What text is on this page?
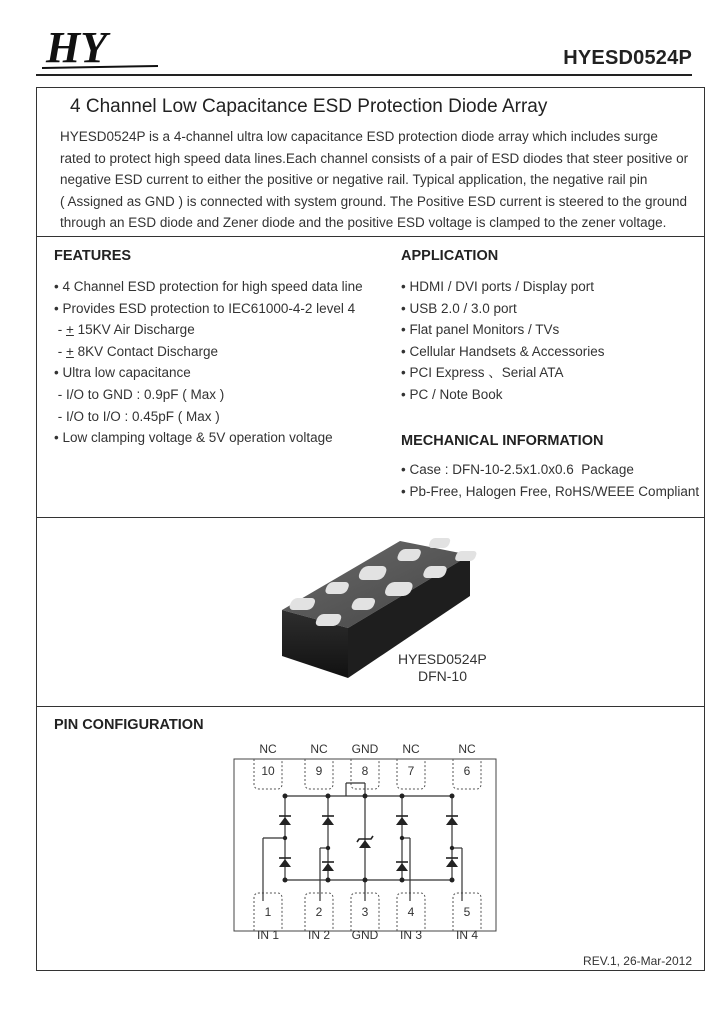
HY	HYESD0524P
4 Channel Low Capacitance ESD Protection Diode Array
HYESD0524P is a 4-channel ultra low capacitance ESD protection diode array which includes surge
rated to protect high speed data lines.Each channel consists of a pair of ESD diodes that steer positive or
negative ESD current to either the positive or negative rail. Typical application, the negative rail pin
( Assigned as GND ) is connected with system ground. The Positive ESD current is steered to the ground
through an ESD diode and Zener diode and the positive ESD voltage is clamped to the zener voltage.
FEATURES
• 4 Channel ESD protection for high speed data line
• Provides ESD protection to IEC61000-4-2 level 4
- + 15KV Air Discharge
- + 8KV Contact Discharge
• Ultra low capacitance
- I/O to GND : 0.9pF ( Max )
- I/O to I/O : 0.45pF ( Max )
• Low clamping voltage & 5V operation voltage
APPLICATION
• HDMI / DVI ports / Display port
• USB 2.0 / 3.0 port
• Flat panel Monitors / TVs
• Cellular Handsets & Accessories
• PCI Express 、Serial ATA
• PC / Note Book
MECHANICAL INFORMATION
• Case : DFN-10-2.5x1.0x0.6  Package
• Pb-Free, Halogen Free, RoHS/WEEE Compliant
HYESD0524P
DFN-10
PIN CONFIGURATION
NC
10
NC
9
GND
8
NC
7
NC
6
1
IN 1
2
IN 2
3
GND
4
IN 3
5
IN 4
REV.1, 26-Mar-2012
